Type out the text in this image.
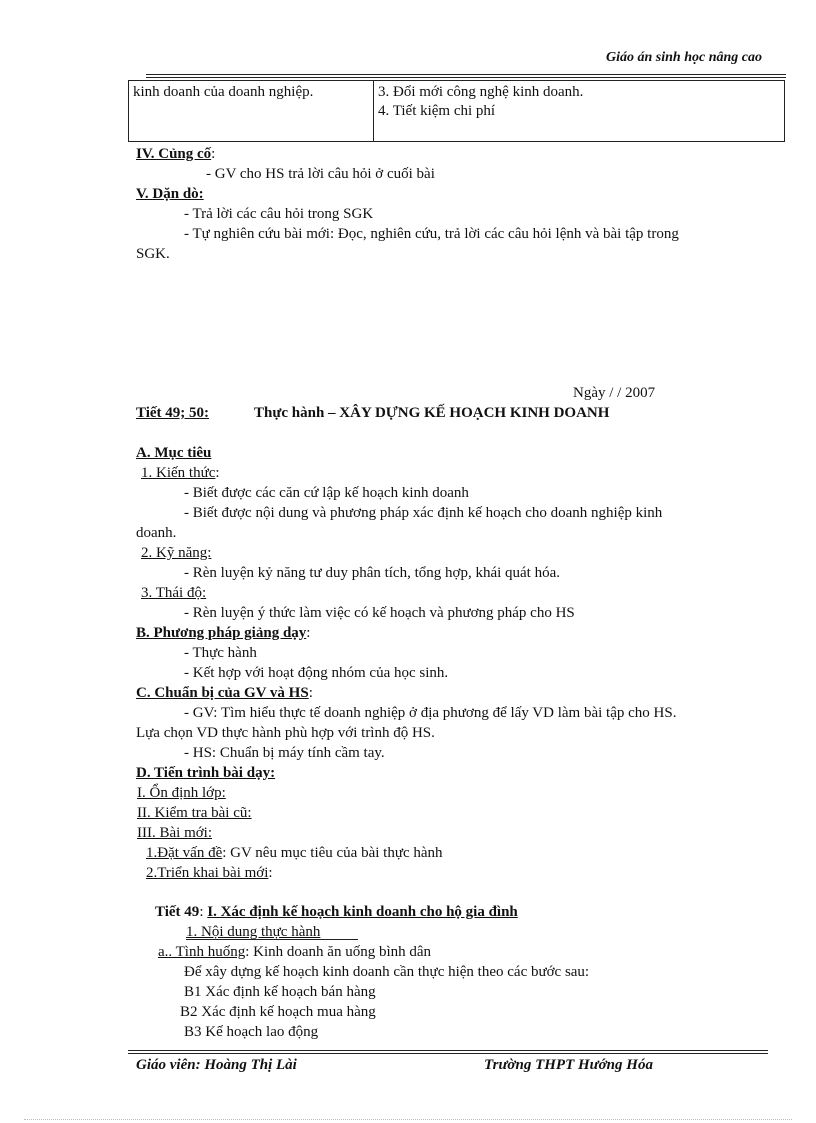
Giáo án sinh học nâng cao
kinh doanh của doanh nghiệp.	3. Đổi mới công nghệ kinh doanh.
4. Tiết kiệm chi phí
IV. Củng cố:
- GV cho HS trả lời câu hỏi ở cuối bài
V. Dặn dò:
- Trả lời các câu hỏi trong SGK
- Tự nghiên cứu bài mới: Đọc, nghiên cứu, trả lời các câu hỏi lệnh và bài tập trong
SGK.
Ngày / / 2007
Tiết 49; 50:	Thực hành – XÂY DỰNG KẾ HOẠCH KINH DOANH
A. Mục tiêu
1. Kiến thức:
- Biết được các căn cứ lập kế hoạch kinh doanh
- Biết được nội dung và phương pháp xác định kế hoạch cho doanh nghiệp kinh
doanh.
2. Kỹ năng:
- Rèn luyện kỷ năng tư duy phân tích, tổng hợp, khái quát hóa.
3. Thái độ:
- Rèn luyện ý thức làm việc có kế hoạch và phương pháp cho HS
B. Phương pháp giảng dạy:
- Thực hành
- Kết hợp với hoạt động nhóm của học sinh.
C. Chuẩn bị của GV và HS:
- GV: Tìm hiểu thực tế doanh nghiệp ở địa phương để lấy VD làm bài tập cho HS.
Lựa chọn VD thực hành phù hợp với trình độ HS.
- HS: Chuẩn bị máy tính cầm tay.
D. Tiến trình bài dạy:
I. Ổn định lớp:
II. Kiểm tra bài cũ:
III. Bài mới:
1.Đặt vấn đề: GV nêu mục tiêu của bài thực hành
2.Triển khai bài mới:
Tiết 49: I. Xác định kế hoạch kinh doanh cho hộ gia đình
1. Nội dung thực hành
a.. Tình huống: Kinh doanh ăn uống bình dân
Để xây dựng kế hoạch kinh doanh cần thực hiện theo các bước sau:
B1 Xác định kế hoạch bán hàng
B2 Xác định kế hoạch mua hàng
B3 Kế hoạch lao động
Giáo viên: Hoàng Thị Lài	Trường THPT Hướng Hóa
